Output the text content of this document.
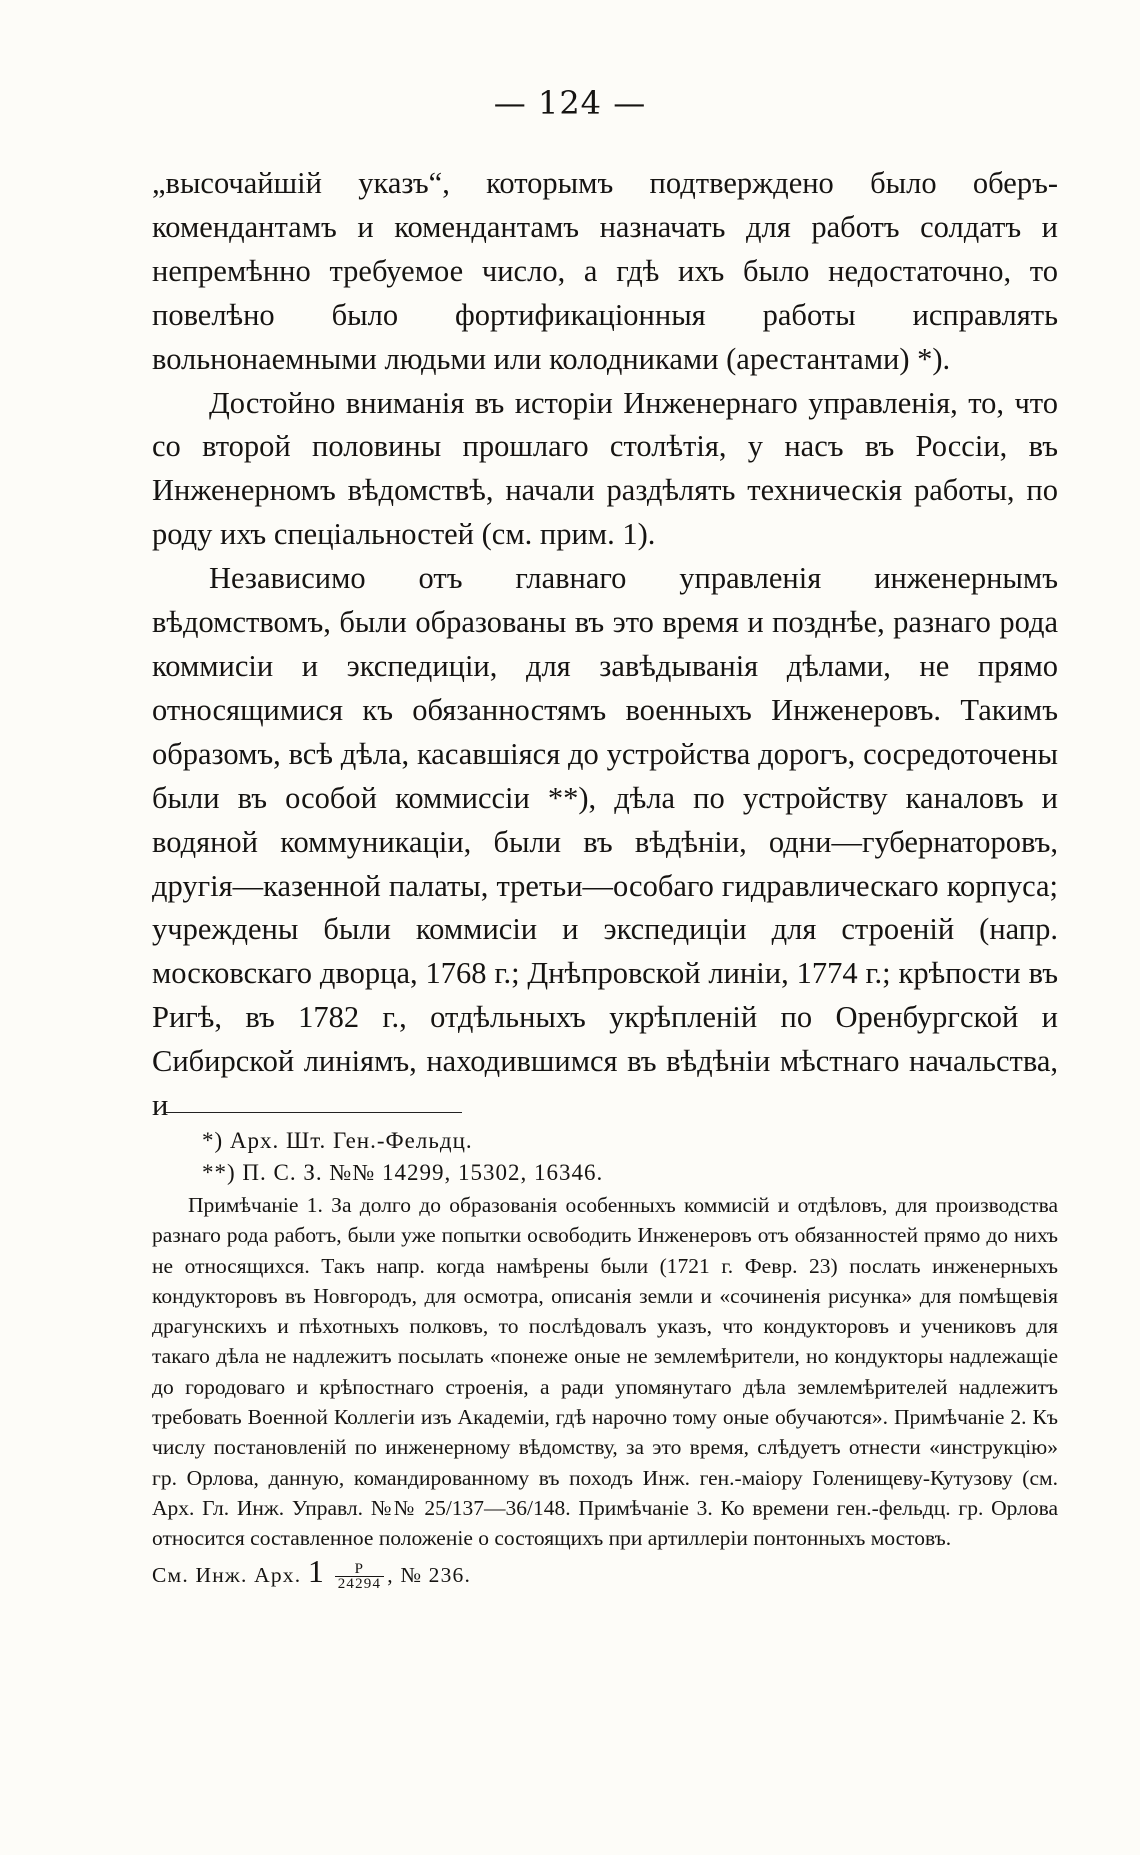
— 124 —

„высочайшій указъ“, которымъ подтверждено было оберъ-комендантамъ и комендантамъ назначать для работъ солдатъ и непремѣнно требуемое число, а гдѣ ихъ было недостаточно, то повелѣно было фортификаціонныя работы исправлять вольнонаемными людьми или колодниками (арестантами) *).

Достойно вниманія въ исторіи Инженернаго управленія, то, что со второй половины прошлаго столѣтія, у насъ въ Россіи, въ Инженерномъ вѣдомствѣ, начали раздѣлять техническія работы, по роду ихъ спеціальностей (см. прим. 1).

Независимо отъ главнаго управленія инженернымъ вѣдомствомъ, были образованы въ это время и позднѣе, разнаго рода коммисіи и экспедиціи, для завѣдыванія дѣлами, не прямо относящимися къ обязанностямъ военныхъ Инженеровъ. Такимъ образомъ, всѣ дѣла, касавшіяся до устройства дорогъ, сосредоточены были въ особой коммиссіи **), дѣла по устройству каналовъ и водяной коммуникаціи, были въ вѣдѣніи, одни—губернаторовъ, другія—казенной палаты, третьи—особаго гидравлическаго корпуса; учреждены были коммисіи и экспедиціи для строеній (напр. московскаго дворца, 1768 г.; Днѣпровской линіи, 1774 г.; крѣпости въ Ригѣ, въ 1782 г., отдѣльныхъ укрѣпленій по Оренбургской и Сибирской линіямъ, находившимся въ вѣдѣніи мѣстнаго начальства, и

*) Арх. Шт. Ген.-Фельдц.
**) П. С. З. №№ 14299, 15302, 16346.

Примѣчаніе 1. За долго до образованія особенныхъ коммисій и отдѣловъ, для производства разнаго рода работъ, были уже попытки освободить Инженеровъ отъ обязанностей прямо до нихъ не относящихся. Такъ напр. когда намѣрены были (1721 г. Февр. 23) послать инженерныхъ кондукторовъ въ Новгородъ, для осмотра, описанія земли и «сочиненія рисунка» для помѣщевія драгунскихъ и пѣхотныхъ полковъ, то послѣдовалъ указъ, что кондукторовъ и учениковъ для такаго дѣла не надлежитъ посылать «понеже оные не землемѣрители, но кондукторы надлежащіе до городоваго и крѣпостнаго строенія, а ради упомянутаго дѣла землемѣрителей надлежитъ требовать Военной Коллегіи изъ Академіи, гдѣ нарочно тому оные обучаются». Примѣчаніе 2. Къ числу постановленій по инженерному вѣдомству, за это время, слѣдуетъ отнести «инструкцію» гр. Орлова, данную, командированному въ походъ Инж. ген.-маіору Голенищеву-Кутузову (см. Арх. Гл. Инж. Управл. №№ 25/137—36/148. Примѣчаніе 3. Ко времени ген.-фельдц. гр. Орлова относится составленное положеніе о состоящихъ при артиллеріи понтонныхъ мостовъ.

См. Инж. Арх. $1 \frac{Р}{24294}$ , № 236.
